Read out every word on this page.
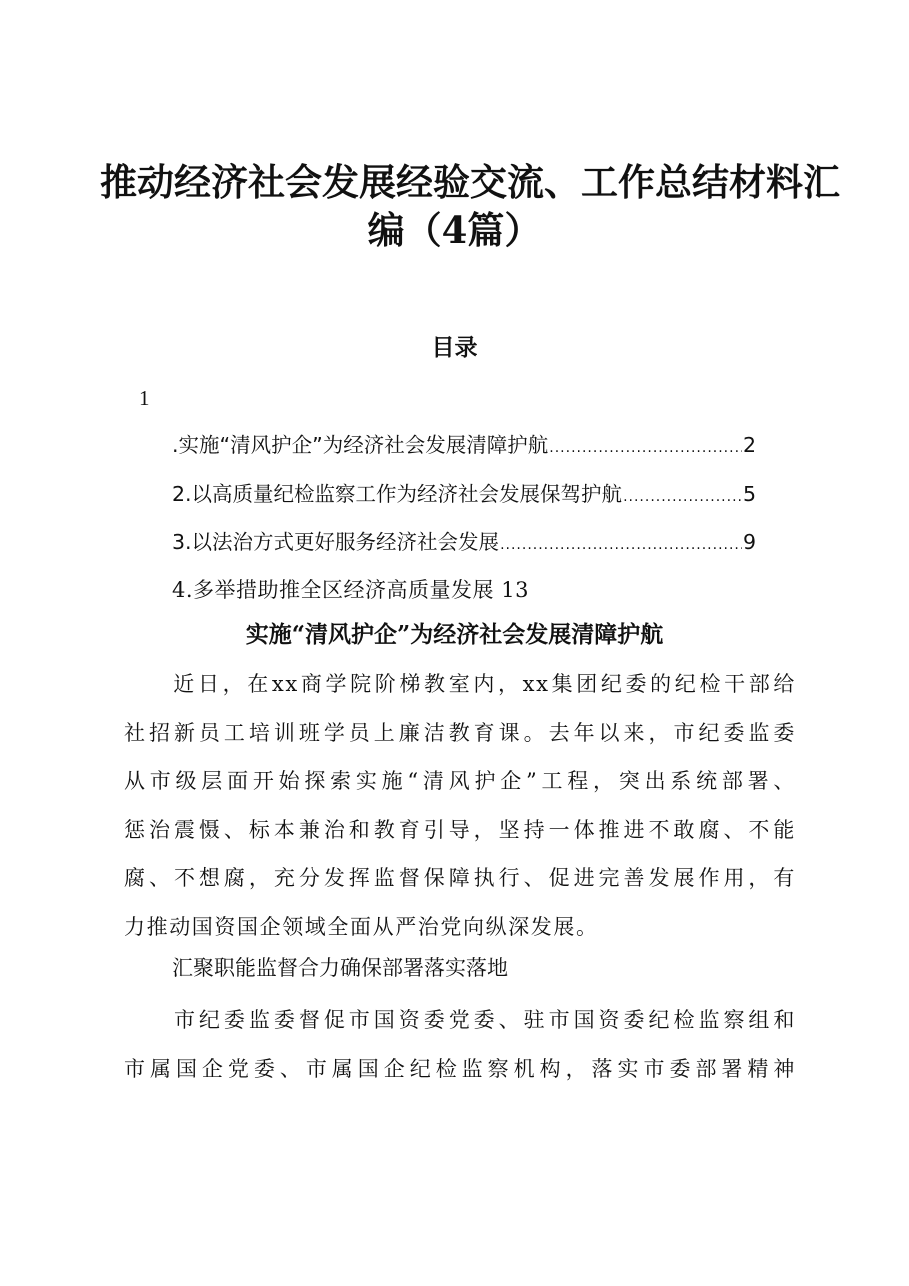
推动经济社会发展经验交流、工作总结材料汇
编（4篇）
目录
1
.实施“清风护企”为经济社会发展清障护航 .....	2
2.以高质量纪检监察工作为经济社会发展保驾护航 .....	5
3.以法治方式更好服务经济社会发展 .....	9
4.多举措助推全区经济高质量发展 13
实施“清风护企”为经济社会发展清障护航
　　近日，在xx商学院阶梯教室内，xx集团纪委的纪检干部给
社招新员工培训班学员上廉洁教育课。去年以来，市纪委监委
从市级层面开始探索实施“清风护企”工程，突出系统部署、
惩治震慑、标本兼治和教育引导，坚持一体推进不敢腐、不能
腐、不想腐，充分发挥监督保障执行、促进完善发展作用，有
力推动国资国企领域全面从严治党向纵深发展。
汇聚职能监督合力确保部署落实落地
　　市纪委监委督促市国资委党委、驻市国资委纪检监察组和
市属国企党委、市属国企纪检监察机构，落实市委部署精神
